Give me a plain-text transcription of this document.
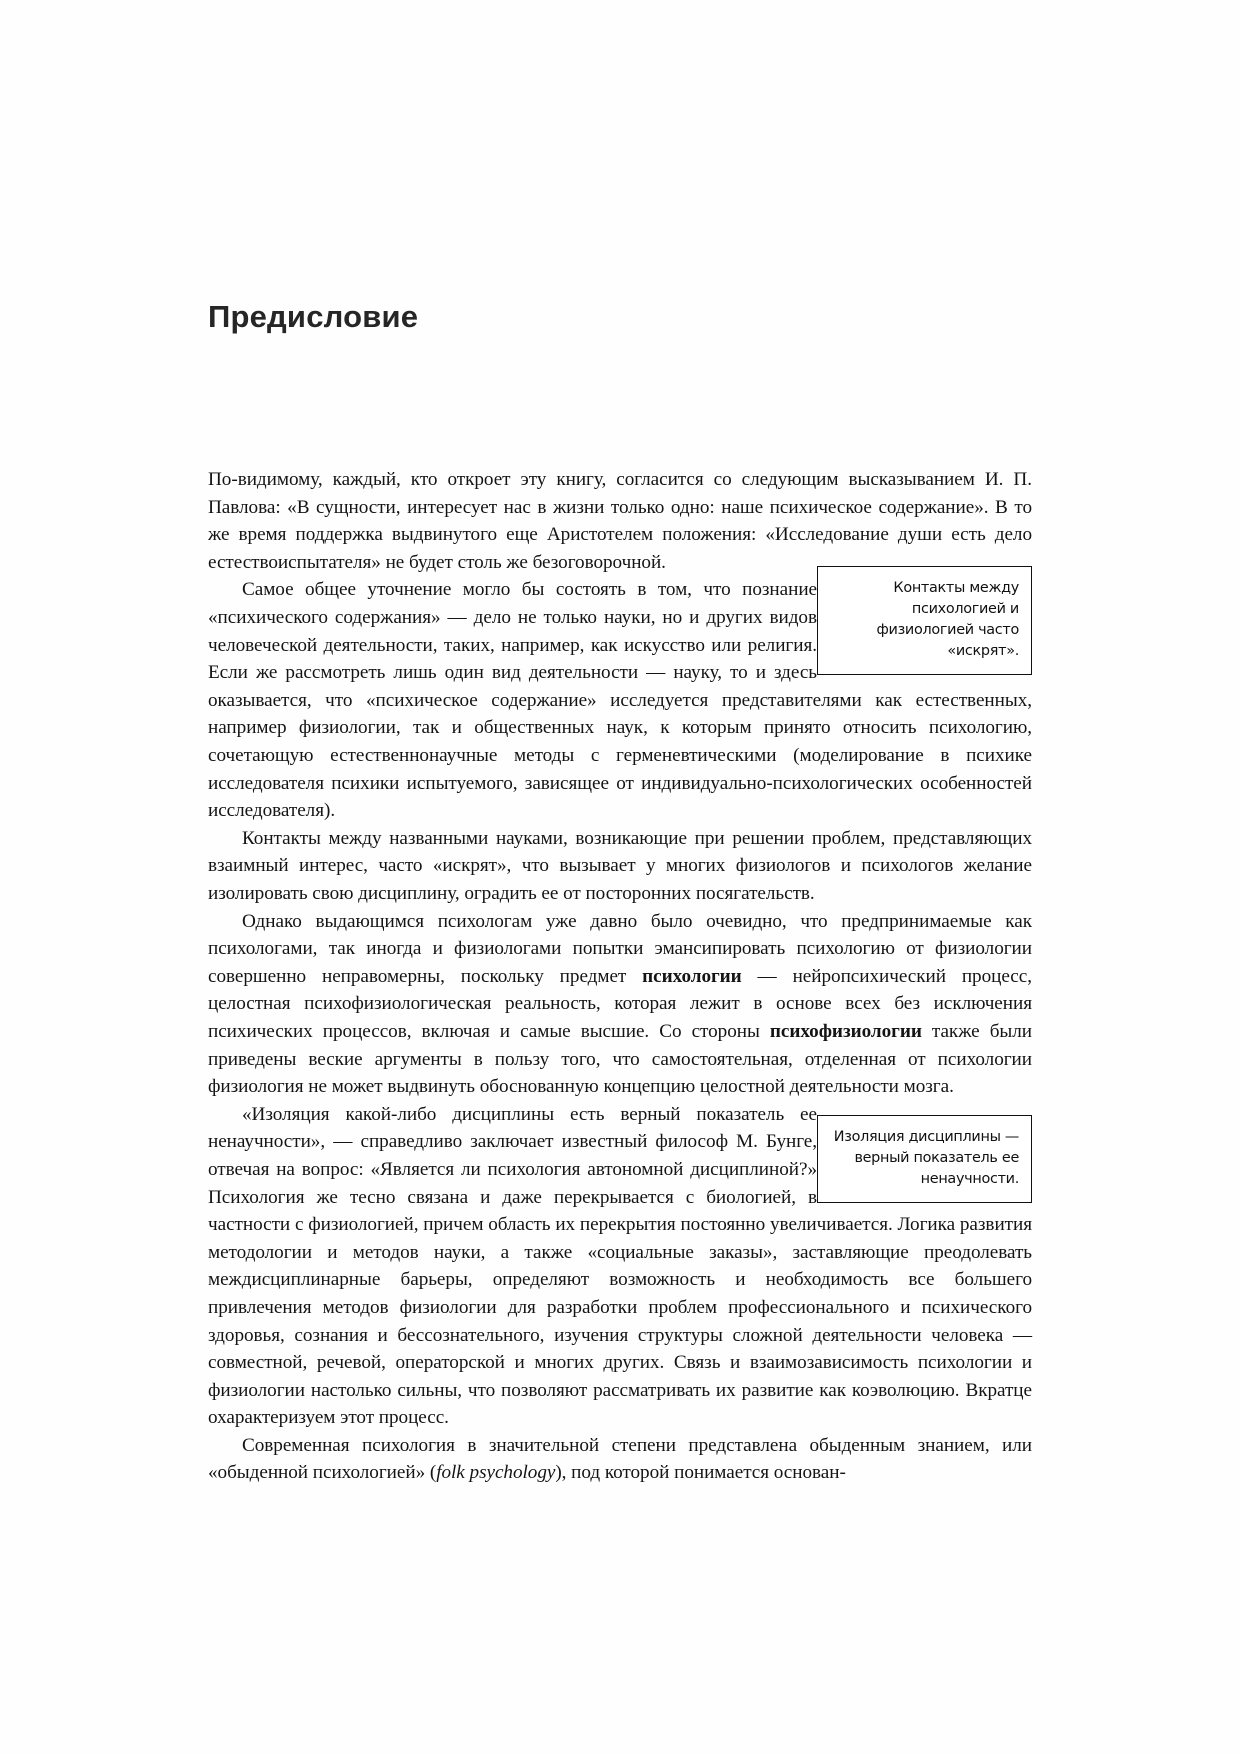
Предисловие
Контакты между психологией и физиологией часто «искрят».

По-видимому, каждый, кто откроет эту книгу, согласится со следующим высказыванием И. П. Павлова: «В сущности, интересует нас в жизни только одно: наше психическое содержание». В то же время поддержка выдвинутого еще Аристотелем положения: «Исследование души есть дело естествоиспытателя» не будет столь же безоговорочной.

Самое общее уточнение могло бы состоять в том, что познание «психического содержания» — дело не только науки, но и других видов человеческой деятельности, таких, например, как искусство или религия. Если же рассмотреть лишь один вид деятельности — науку, то и здесь оказывается, что «психическое содержание» исследуется представителями как естественных, например физиологии, так и общественных наук, к которым принято относить психологию, сочетающую естественнонаучные методы с герменевтическими (моделирование в психике исследователя психики испытуемого, зависящее от индивидуально-психологических особенностей исследователя).

Контакты между названными науками, возникающие при решении проблем, представляющих взаимный интерес, часто «искрят», что вызывает у многих физиологов и психологов желание изолировать свою дисциплину, оградить ее от посторонних посягательств.

Однако выдающимся психологам уже давно было очевидно, что предпринимаемые как психологами, так иногда и физиологами попытки эмансипировать психологию от физиологии совершенно неправомерны, поскольку предмет психологии — нейропсихический процесс, целостная психофизиологическая реальность, которая лежит в основе всех без исключения психических процессов, включая и самые высшие. Со стороны психофизиологии также были приведены веские аргументы в пользу того, что самостоятельная, отделенная от психологии физиология не может выдвинуть обоснованную концепцию целостной деятельности мозга.

Изоляция дисциплины — верный показатель ее ненаучности.

«Изоляция какой-либо дисциплины есть верный показатель ее ненаучности», — справедливо заключает известный философ М. Бунге, отвечая на вопрос: «Является ли психология автономной дисциплиной?» Психология же тесно связана и даже перекрывается с биологией, в частности с физиологией, причем область их перекрытия постоянно увеличивается. Логика развития методологии и методов науки, а также «социальные заказы», заставляющие преодолевать междисциплинарные барьеры, определяют возможность и необходимость все большего привлечения методов физиологии для разработки проблем профессионального и психического здоровья, сознания и бессознательного, изучения структуры сложной деятельности человека — совместной, речевой, операторской и многих других. Связь и взаимозависимость психологии и физиологии настолько сильны, что позволяют рассматривать их развитие как коэволюцию. Вкратце охарактеризуем этот процесс.

Современная психология в значительной степени представлена обыденным знанием, или «обыденной психологией» (folk psychology), под которой понимается основан-
